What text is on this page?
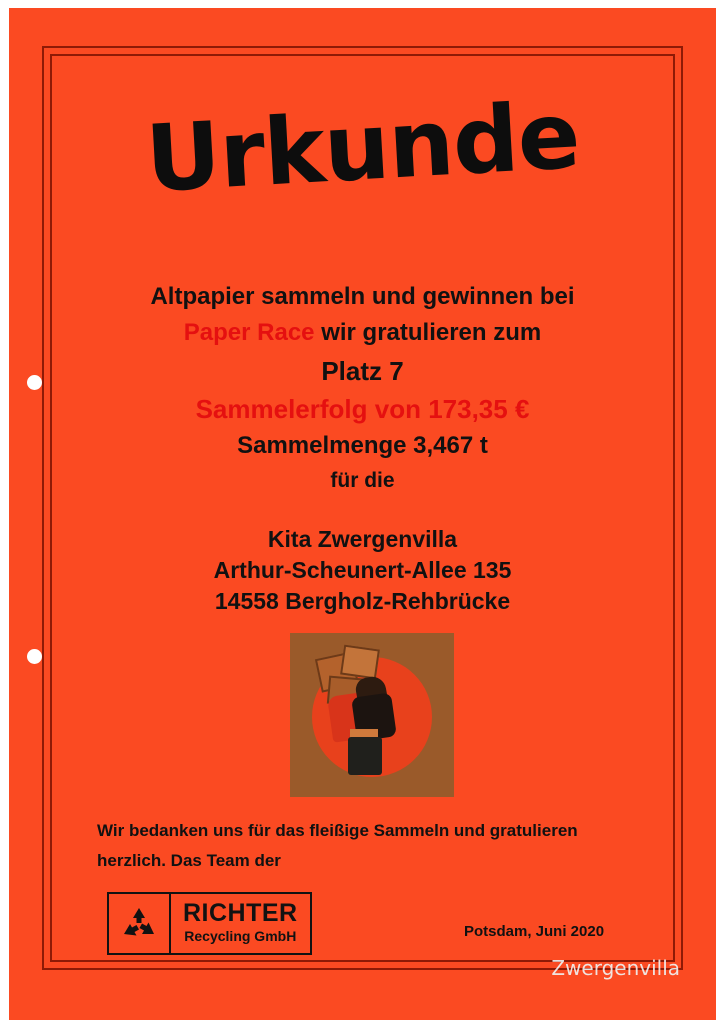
Urkunde
Altpapier sammeln und gewinnen bei
Paper Race wir gratulieren zum
Platz 7
Sammelerfolg von 173,35 €
Sammelmenge 3,467 t
für die
Kita Zwergenvilla
Arthur-Scheunert-Allee 135
14558 Bergholz-Rehbrücke
Wir bedanken uns für das fleißige Sammeln und gratulieren
herzlich. Das Team der
RICHTER
Recycling GmbH	Potsdam, Juni 2020
Zwergenvilla
